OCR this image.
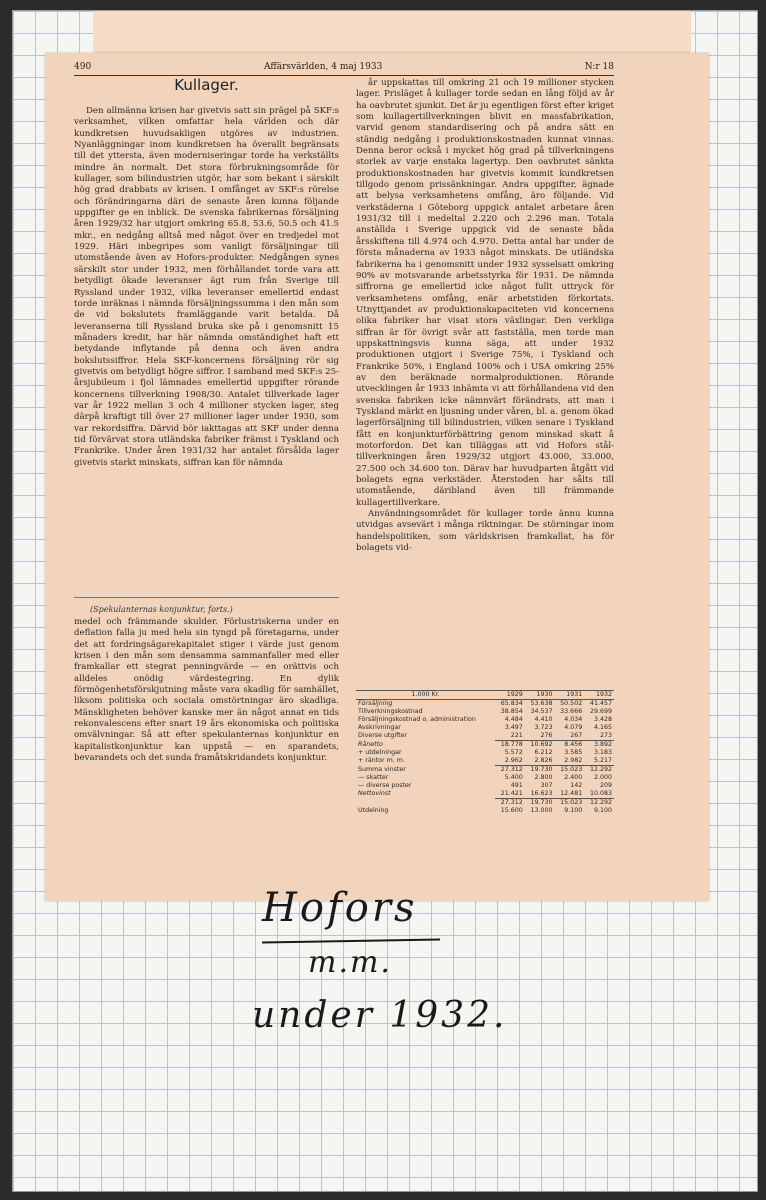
490	Affärsvärlden, 4 maj 1933	N:r 18
Kullager.

Den allmänna krisen har givetvis satt sin prägel på SKF:s verksamhet, vilken omfattar hela världen och där kundkretsen huvudsakligen utgöres av industrien. Nyanläggningar inom kundkretsen ha överallt begränsats till det yttersta, även moderniseringar torde ha verkställts mindre än normalt. Det stora förbrukningsområde för kullager, som bilindustrien utgör, har som bekant i särskilt hög grad drabbats av krisen. I omfånget av SKF:s rörelse och förändringarna däri de senaste åren kunna följande uppgifter ge en inblick. De svenska fabrikernas försäljning åren 1929/32 har utgjort omkring 65.8, 53.6, 50.5 och 41.5 mkr., en nedgång alltså med något över en tredjedel mot 1929. Häri inbegripes som vanligt försäljningar till utomstående även av Hofors-produkter. Nedgången synes särskilt stor under 1932, men förhållandet torde vara att betydligt ökade leveranser ägt rum från Sverige till Ryssland under 1932, vilka leveranser emellertid endast torde inräknas i nämnda försäljningssumma i den mån som de vid bokslutets framläggande varit betalda. Då leveranserna till Ryssland bruka ske på i genomsnitt 15 månaders kredit, har här nämnda omständighet haft ett betydande inflytande på denna och även andra bokslutssiffror. Hela SKF-koncernens försäljning rör sig givetvis om betydligt högre siffror. I samband med SKF:s 25-årsjubileum i fjol lämnades emellertid uppgifter rörande koncernens tillverkning 1908/30. Antalet tillverkade lager var år 1922 mellan 3 och 4 millioner stycken lager, steg därpå kraftigt till över 27 millioner lager under 1930, som var rekordsiffra. Därvid bör iakttagas att SKF under denna tid förvärvat stora utländska fabriker främst i Tyskland och Frankrike. Under åren 1931/32 har antalet försålda lager givetvis starkt minskats, siffran kan för nämnda

år uppskattas till omkring 21 och 19 millioner stycken lager. Prisläget å kullager torde sedan en lång följd av år ha oavbrutet sjunkit. Det är ju egentligen först efter kriget som kullagertillverkningen blivit en massfabrikation, varvid genom standardisering och på andra sätt en ständig nedgång i produktionskostnaden kunnat vinnas. Denna beror också i mycket hög grad på tillverkningens storlek av varje enstaka lagertyp. Den oavbrutet sänkta produktionskostnaden har givetvis kommit kundkretsen tillgodo genom prissänkningar. Andra uppgifter, ägnade att belysa verksamhetens omfång, äro följande. Vid verkstäderna i Göteborg uppgick antalet arbetare åren 1931/32 till i medeltal 2.220 och 2.296 man. Totala anställda i Sverige uppgick vid de senaste båda årsskiftena till 4.974 och 4.970. Detta antal har under de första månaderna av 1933 något minskats. De utländska fabrikerna ha i genomsnitt under 1932 sysselsatt omkring 90% av motsvarande arbetsstyrka för 1931. De nämnda siffrorna ge emellertid icke något fullt uttryck för verksamhetens omfång, enär arbetstiden förkortats. Utnyttjandet av produktionskapaciteten vid koncernens olika fabriker har visat stora växlingar. Den verkliga siffran är för övrigt svår att fastställa, men torde man uppskattningsvis kunna säga, att under 1932 produktionen utgjort i Sverige 75%, i Tyskland och Frankrike 50%, i England 100% och i USA omkring 25% av den beräknade normalproduktionen. Rörande utvecklingen år 1933 inhämta vi att förhållandena vid den svenska fabriken icke nämnvärt förändrats, att man i Tyskland märkt en ljusning under våren, bl. a. genom ökad lagerförsäljning till bilindustrien, vilken senare i Tyskland fått en konjunkturförbättring genom minskad skatt å motorfordon. Det kan tilläggas att vid Hofors ståltillverkningen åren 1929/32 utgjort 43.000, 33.000, 27.500 och 34.600 ton. Därav har huvudparten åtgått vid bolagets egna verkstäder. Återstoden har sålts till utomstående, däribland även till främmande kullagertillverkare.

Användningsområdet för kullager torde ännu kunna utvidgas avsevärt i många riktningar. De störningar inom handelspolitiken, som världskrisen framkallat, ha för bolagets vid-

(Spekulanternas konjunktur, forts.)

medel och främmande skulder. Förlustriskerna under en deflation falla ju med hela sin tyngd på företagarna, under det att fordringsägarekapitalet stiger i värde just genom krisen i den mån som densamma sammanfaller med eller framkallar ett stegrat penningvärde — en orättvis och alldeles onödig värdestegring. En dylik förmögenhetsförskjutning måste vara skadlig för samhället, liksom politiska och sociala omstörtningar äro skadliga. Mänskligheten behöver kanske mer än något annat en tids rekonvalescens efter snart 19 års ekonomiska och politiska omvälvningar. Så att efter spekulanternas konjunktur en kapitalistkonjunktur kan uppstå — en sparandets, bevarandets och det sunda framåtskridandets konjunktur.

1.000 Kr.	1929	1930	1931	1932
Försäljning	65.834	53.638	50.502	41.457
Tillverkningskostnad	38.854	34.537	33.666	29.699
Försäljningskostnad o. administration	4.484	4.410	4.034	3.428
Avskrivningar	3.497	3.723	4.079	4.165
Diverse utgifter	221	276	267	273
Rånetto	18.778	10.692	8.456	3.892
+ utdelningar	5.572	6.212	3.585	3.183
+ räntor m. m.	2.962	2.826	2.982	5.217
Summa vinster	27.312	19.730	15.023	12.292
— skatter	5.400	2.800	2.400	2.000
— diverse poster	491	307	142	209
Nettovinst	21.421	16.623	12.481	10.083
	27.312	19.730	15.023	12.292
Utdelning	15.600	13.000	9.100	9.100
Hofors
m.m.
under 1932.
